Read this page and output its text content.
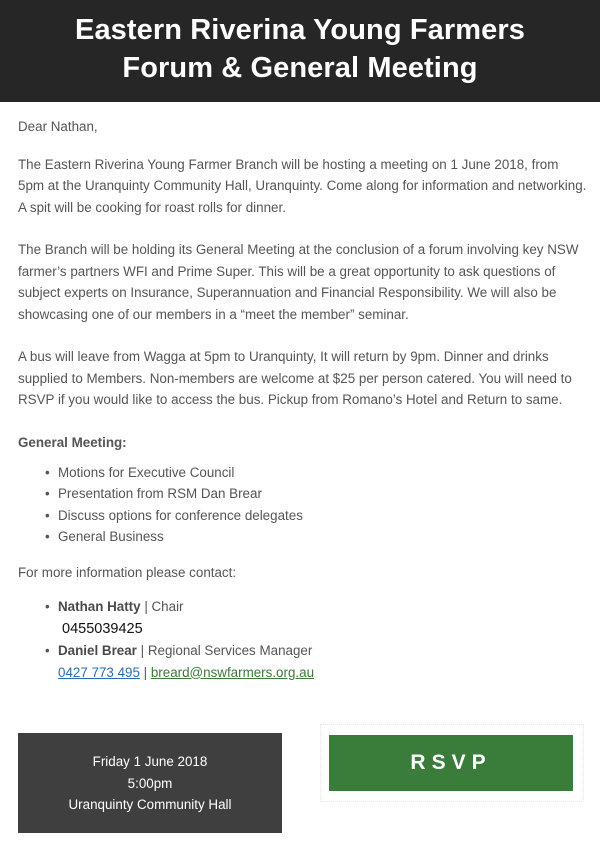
Eastern Riverina Young Farmers
Forum & General Meeting

Dear Nathan,

The Eastern Riverina Young Farmer Branch will be hosting a meeting on 1 June 2018, from 5pm at the Uranquinty Community Hall, Uranquinty. Come along for information and networking. A spit will be cooking for roast rolls for dinner.

The Branch will be holding its General Meeting at the conclusion of a forum involving key NSW farmer’s partners WFI and Prime Super. This will be a great opportunity to ask questions of subject experts on Insurance, Superannuation and Financial Responsibility. We will also be showcasing one of our members in a “meet the member” seminar.

A bus will leave from Wagga at 5pm to Uranquinty, It will return by 9pm. Dinner and drinks supplied to Members. Non-members are welcome at $25 per person catered. You will need to RSVP if you would like to access the bus. Pickup from Romano’s Hotel and Return to same.

General Meeting:

• Motions for Executive Council
• Presentation from RSM Dan Brear
• Discuss options for conference delegates
• General Business

For more information please contact:

• Nathan Hatty | Chair
0455039425
• Daniel Brear | Regional Services Manager
0427 773 495 | breard@nswfarmers.org.au
Friday 1 June 2018
5:00pm
Uranquinty Community Hall
RSVP
